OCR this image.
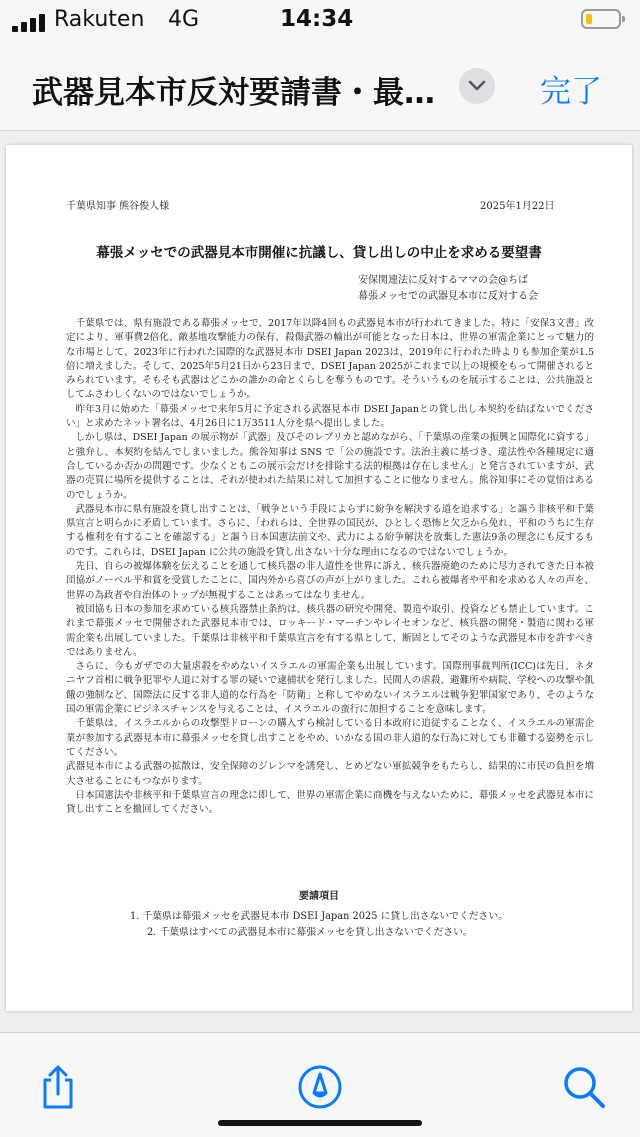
Rakuten 4G	14:34
武器見本市反対要請書・最…	完了
千葉県知事 熊谷俊人様	2025年1月22日
幕張メッセでの武器見本市開催に抗議し、貸し出しの中止を求める要望書
安保関連法に反対するママの会@ちば
幕張メッセでの武器見本市に反対する会

千葉県では、県有施設である幕張メッセで、2017年以降4回もの武器見本市が行われてきました。特に「安保3文書」改定により、軍事費2倍化、敵基地攻撃能力の保有、殺傷武器の輸出が可能となった日本は、世界の軍需企業にとって魅力的な市場として、2023年に行われた国際的な武器見本市 DSEI Japan 2023は、2019年に行われた時よりも参加企業が1.5倍に増えました。そして、2025年5月21日から23日まで、DSEI Japan 2025がこれまで以上の規模をもって開催されるとみられています。そもそも武器はどこかの誰かの命とくらしを奪うものです。そういうものを展示することは、公共施設としてふさわしくないのではないでしょうか。

昨年3月に始めた「幕張メッセで来年5月に予定される武器見本市 DSEI Japanとの貸し出し本契約を結ばないでください」と求めたネット署名は、4月26日に1万3511人分を県へ提出しました。

しかし県は、DSEI Japan の展示物が「武器」及びそのレプリカと認めながら、「千葉県の産業の振興と国際化に資する」と強弁し、本契約を結んでしまいました。熊谷知事は SNS で「公の施設です。法治主義に基づき、違法性や各種規定に適合しているか否かの問題です。少なくともこの展示会だけを排除する法的根拠は存在しません」と発言されていますが、武器の売買に場所を提供することは、それが使われた結果に対して加担することに他なりません。熊谷知事にその覚悟はあるのでしょうか。

武器見本市に県有施設を貸し出すことは、「戦争という手段によらずに紛争を解決する道を追求する」と謳う非核平和千葉県宣言と明らかに矛盾しています。さらに、「われらは、全世界の国民が、ひとしく恐怖と欠乏から免れ、平和のうちに生存する権利を有することを確認する」と謳う日本国憲法前文や、武力による紛争解決を放棄した憲法9条の理念にも反するものです。これらは、DSEI Japan に公共の施設を貸し出さない十分な理由になるのではないでしょうか。

先日、自らの被爆体験を伝えることを通して核兵器の非人道性を世界に訴え、核兵器廃絶のために尽力されてきた日本被団協がノーベル平和賞を受賞したことに、国内外から喜びの声が上がりました。これら被爆者や平和を求める人々の声を、世界の為政者や自治体のトップが無視することはあってはなりません。

被団協も日本の参加を求めている核兵器禁止条約は、核兵器の研究や開発、製造や取引、投資なども禁止しています。これまで幕張メッセで開催された武器見本市では、ロッキード・マーチンやレイセオンなど、核兵器の開発・製造に関わる軍需企業も出展していました。千葉県は非核平和千葉県宣言を有する県として、断固としてそのような武器見本市を許すべきではありません。

さらに、今もガザでの大量虐殺をやめないイスラエルの軍需企業も出展しています。国際刑事裁判所(ICC)は先日、ネタニヤフ首相に戦争犯罪や人道に対する罪の疑いで逮捕状を発行しました。民間人の虐殺、避難所や病院、学校への攻撃や飢餓の強制など、国際法に反する非人道的な行為を「防衛」と称してやめないイスラエルは戦争犯罪国家であり、そのような国の軍需企業にビジネスチャンスを与えることは、イスラエルの蛮行に加担することを意味します。

千葉県は、イスラエルからの攻撃型ドローンの購入すら検討している日本政府に追従することなく、イスラエルの軍需企業が参加する武器見本市に幕張メッセを貸し出すことをやめ、いかなる国の非人道的な行為に対しても非難する姿勢を示してください。

武器見本市による武器の拡散は、安全保障のジレンマを誘発し、とめどない軍拡競争をもたらし、結果的に市民の負担を増大させることにもつながります。

日本国憲法や非核平和千葉県宣言の理念に即して、世界の軍需企業に商機を与えないために、幕張メッセを武器見本市に貸し出すことを撤回してください。

要請項目
1. 千葉県は幕張メッセを武器見本市 DSEI Japan 2025 に貸し出さないでください。
2. 千葉県はすべての武器見本市に幕張メッセを貸し出さないでください。
